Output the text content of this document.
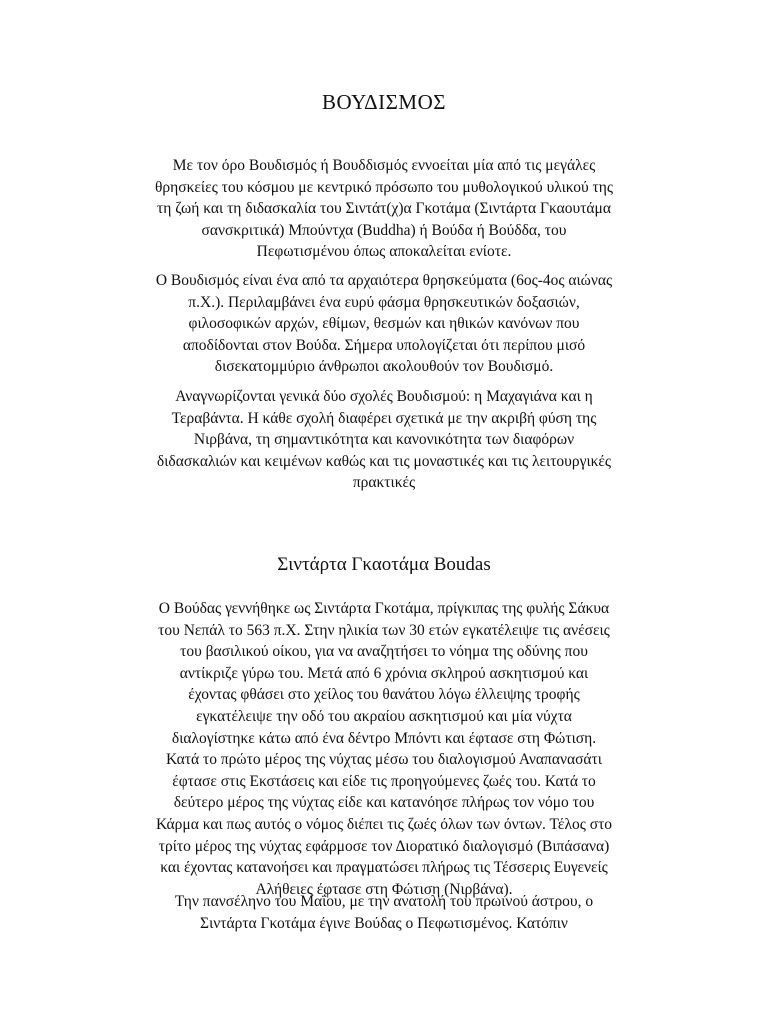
ΒΟΥΔΙΣΜΟΣ

Με τον όρο Βουδισμός ή Βουδδισμός εννοείται μία από τις μεγάλες
θρησκείες του κόσμου με κεντρικό πρόσωπο του μυθολογικού υλικού της
τη ζωή και τη διδασκαλία του Σιντάτ(χ)α Γκοτάμα (Σιντάρτα Γκαουτάμα
σανσκριτικά) Μπούντχα (Buddha) ή Βούδα ή Βούδδα, του
Πεφωτισμένου όπως αποκαλείται ενίοτε.

Ο Βουδισμός είναι ένα από τα αρχαιότερα θρησκεύματα (6ος-4ος αιώνας
π.Χ.). Περιλαμβάνει ένα ευρύ φάσμα θρησκευτικών δοξασιών,
φιλοσοφικών αρχών, εθίμων, θεσμών και ηθικών κανόνων που
αποδίδονται στον Βούδα. Σήμερα υπολογίζεται ότι περίπου μισό
δισεκατομμύριο άνθρωποι ακολουθούν τον Βουδισμό.

Αναγνωρίζονται γενικά δύο σχολές Βουδισμού: η Μαχαγιάνα και η
Τεραβάντα. Η κάθε σχολή διαφέρει σχετικά με την ακριβή φύση της
Νιρβάνα, τη σημαντικότητα και κανονικότητα των διαφόρων
διδασκαλιών και κειμένων καθώς και τις μοναστικές και τις λειτουργικές
πρακτικές

Σιντάρτα Γκαοτάμα Boudas

Ο Βούδας γεννήθηκε ως Σιντάρτα Γκοτάμα, πρίγκιπας της φυλής Σάκυα
του Νεπάλ το 563 π.Χ. Στην ηλικία των 30 ετών εγκατέλειψε τις ανέσεις
του βασιλικού οίκου, για να αναζητήσει το νόημα της οδύνης που
αντίκριζε γύρω του. Μετά από 6 χρόνια σκληρού ασκητισμού και
έχοντας φθάσει στο χείλος του θανάτου λόγω έλλειψης τροφής
εγκατέλειψε την οδό του ακραίου ασκητισμού και μία νύχτα
διαλογίστηκε κάτω από ένα δέντρο Μπόντι και έφτασε στη Φώτιση.
Κατά το πρώτο μέρος της νύχτας μέσω του διαλογισμού Αναπανασάτι
έφτασε στις Εκστάσεις και είδε τις προηγούμενες ζωές του. Κατά το
δεύτερο μέρος της νύχτας είδε και κατανόησε πλήρως τον νόμο του
Κάρμα και πως αυτός ο νόμος διέπει τις ζωές όλων των όντων. Τέλος στο
τρίτο μέρος της νύχτας εφάρμοσε τον Διορατικό διαλογισμό (Βιπάσανα)
και έχοντας κατανοήσει και πραγματώσει πλήρως τις Τέσσερις Ευγενείς
Αλήθειες έφτασε στη Φώτιση (Νιρβάνα).

Την πανσέληνο του Μαΐου, με την ανατολή του πρωινού άστρου, ο
Σιντάρτα Γκοτάμα έγινε Βούδας ο Πεφωτισμένος. Κατόπιν
